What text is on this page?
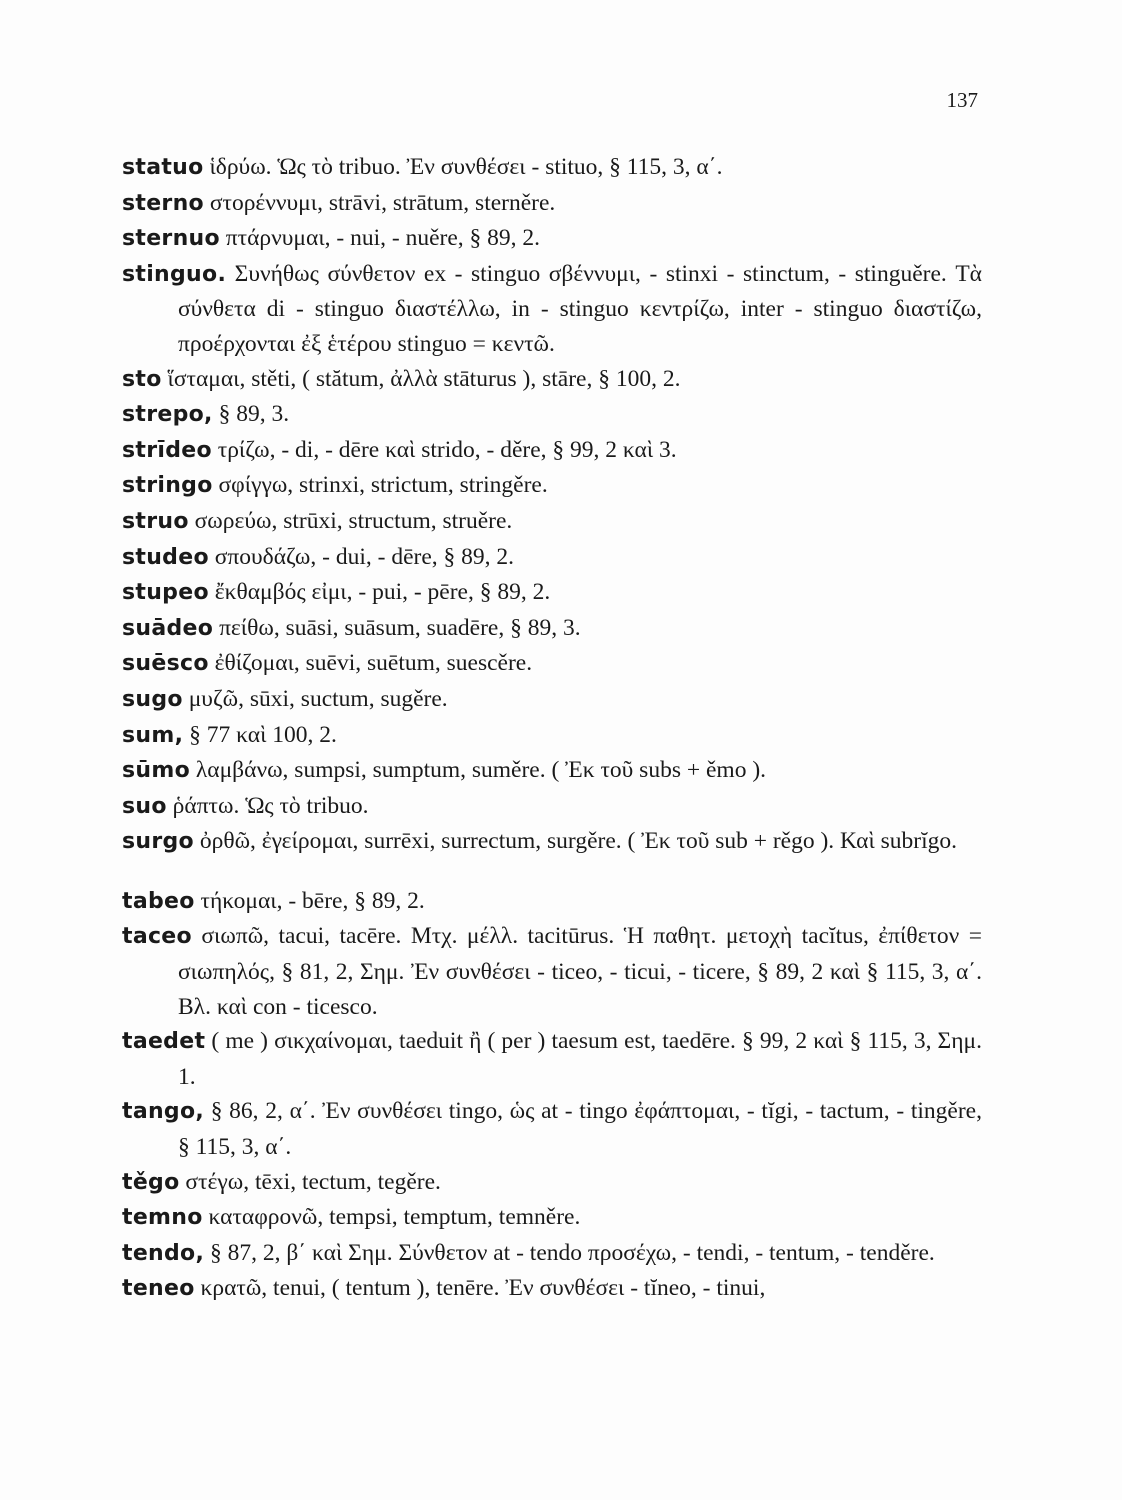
137
statuo ἱδρύω. Ὡς τὸ tribuo. Ἐν συνθέσει - stituo, § 115, 3, α΄.
sterno στορέννυμι, strāvi, strātum, sterněre.
sternuo πτάρνυμαι, - nui, - nuěre, § 89, 2.
stinguo. Συνήθως σύνθετον ex - stinguo σβέννυμι, - stinxi - stinctum, - stinguěre. Τὰ σύνθετα di - stinguo διαστέλλω, in - stinguo κεντρίζω, inter - stinguo διαστίζω, προέρχονται ἐξ ἑτέρου stinguo = κεντῶ.
sto ἵσταμαι, stěti, ( stătum, ἀλλὰ stāturus ), stāre, § 100, 2.
strepo, § 89, 3.
strīdeo τρίζω, - di, - dēre καὶ strido, - děre, § 99, 2 καὶ 3.
stringo σφίγγω, strinxi, strictum, stringěre.
struo σωρεύω, strūxi, structum, struěre.
studeo σπουδάζω, - dui, - dēre, § 89, 2.
stupeo ἔκθαμβός εἰμι, - pui, - pēre, § 89, 2.
suādeo πείθω, suāsi, suāsum, suadēre, § 89, 3.
suēsco ἐθίζομαι, suēvi, suētum, suescěre.
sugo μυζῶ, sūxi, suctum, sugěre.
sum, § 77 καὶ 100, 2.
sūmo λαμβάνω, sumpsi, sumptum, suměre. ( Ἐκ τοῦ subs + ěmo ).
suo ῥάπτω. Ὡς τὸ tribuo.
surgo ὀρθῶ, ἐγείρομαι, surrēxi, surrectum, surgěre. ( Ἐκ τοῦ sub + rěgo ). Καὶ subrĭgo.
tabeo τήκομαι, - bēre, § 89, 2.
taceo σιωπῶ, tacui, tacēre. Μτχ. μέλλ. tacitūrus. Ἡ παθητ. μετοχὴ tacĭtus, ἐπίθετον = σιωπηλός, § 81, 2, Σημ. Ἐν συνθέσει - ticeo, - ticui, - ticere, § 89, 2 καὶ § 115, 3, α΄. Βλ. καὶ con - ticesco.
taedet ( me ) σικχαίνομαι, taeduit ἢ ( per ) taesum est, taedēre. § 99, 2 καὶ § 115, 3, Σημ. 1.
tango, § 86, 2, α΄. Ἐν συνθέσει tingo, ὡς at - tingo ἐφάπτομαι, - tĭgi, - tactum, - tingěre, § 115, 3, α΄.
těgo στέγω, tēxi, tectum, tegěre.
temno καταφρονῶ, tempsi, temptum, temněre.
tendo, § 87, 2, β΄ καὶ Σημ. Σύνθετον at - tendo προσέχω, - tendi, - tentum, - tenděre.
teneo κρατῶ, tenui, ( tentum ), tenēre. Ἐν συνθέσει - tĭneo, - tinui,
